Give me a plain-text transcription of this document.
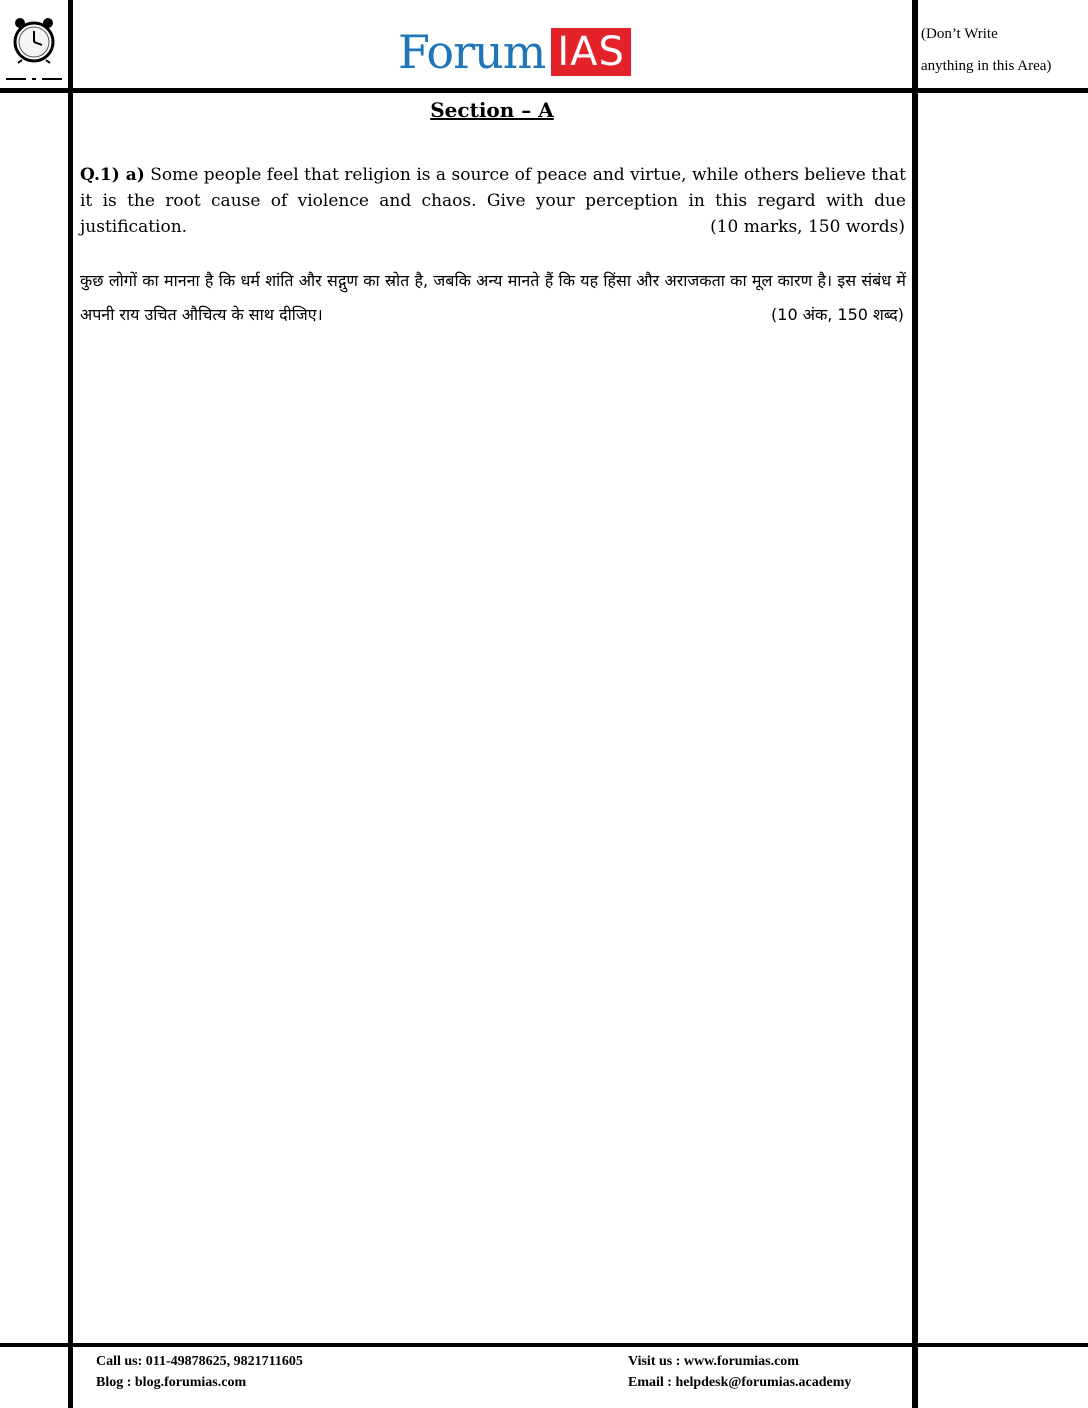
Forum IAS	(Don’t Write
anything in this Area)
Section – A
Q.1) a) Some people feel that religion is a source of peace and virtue, while others believe that it is the root cause of violence and chaos. Give your perception in this regard with due justification.	(10 marks, 150 words)
कुछ लोगों का मानना है कि धर्म शांति और सद्गुण का स्रोत है, जबकि अन्य मानते हैं कि यह हिंसा और अराजकता का मूल कारण है। इस संबंध में अपनी राय उचित औचित्य के साथ दीजिए।	(10 अंक, 150 शब्द)
Call us: 011-49878625, 9821711605
Blog : blog.forumias.com
Visit us : www.forumias.com
Email : helpdesk@forumias.academy
